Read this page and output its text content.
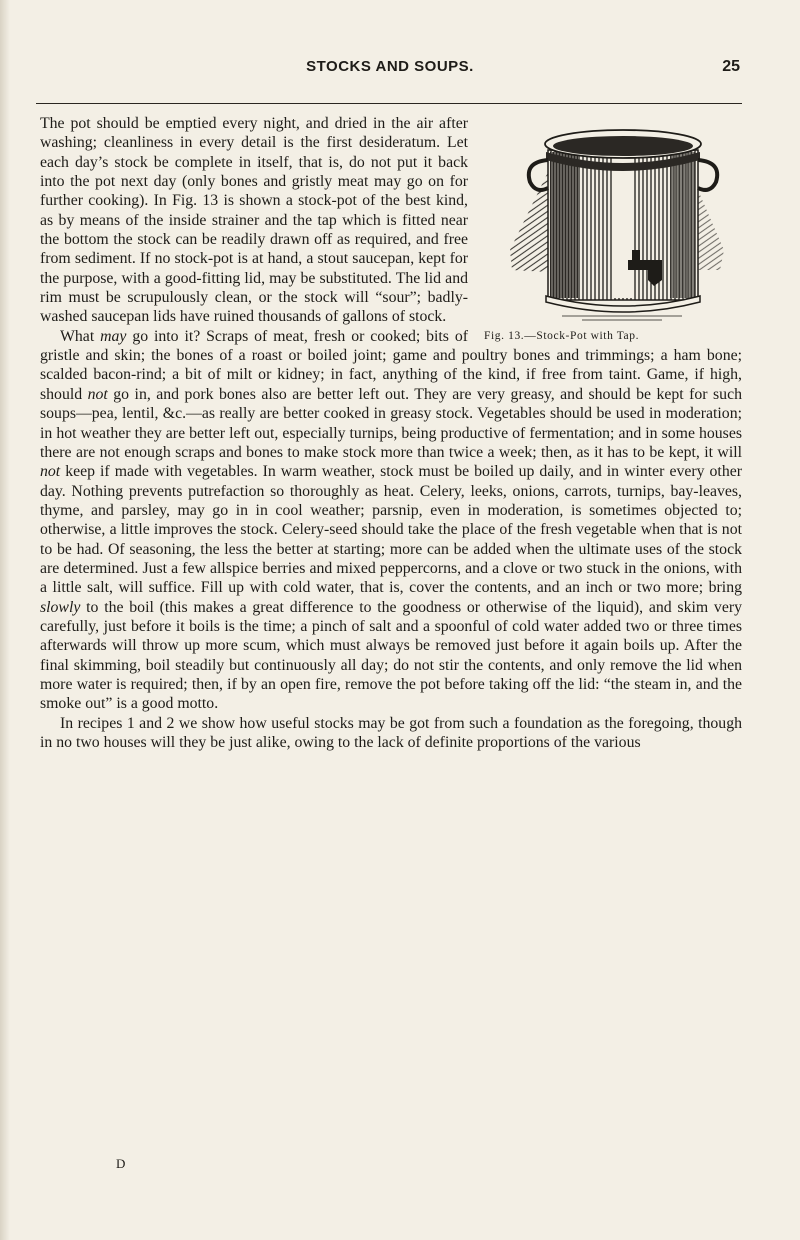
STOCKS AND SOUPS.	25
Fig. 13.—Stock-Pot with Tap.

The pot should be emptied every night, and dried in the air after washing; cleanliness in every detail is the first desideratum. Let each day’s stock be complete in itself, that is, do not put it back into the pot next day (only bones and gristly meat may go on for further cooking). In Fig. 13 is shown a stock-pot of the best kind, as by means of the inside strainer and the tap which is fitted near the bottom the stock can be readily drawn off as required, and free from sediment. If no stock-pot is at hand, a stout saucepan, kept for the purpose, with a good-fitting lid, may be substituted. The lid and rim must be scrupulously clean, or the stock will “sour”; badly-washed saucepan lids have ruined thousands of gallons of stock.

What may go into it? Scraps of meat, fresh or cooked; bits of gristle and skin; the bones of a roast or boiled joint; game and poultry bones and trimmings; a ham bone; scalded bacon-rind; a bit of milt or kidney; in fact, anything of the kind, if free from taint. Game, if high, should not go in, and pork bones also are better left out. They are very greasy, and should be kept for such soups—pea, lentil, &c.—as really are better cooked in greasy stock. Vegetables should be used in moderation; in hot weather they are better left out, especially turnips, being productive of fermentation; and in some houses there are not enough scraps and bones to make stock more than twice a week; then, as it has to be kept, it will not keep if made with vegetables. In warm weather, stock must be boiled up daily, and in winter every other day. Nothing prevents putrefaction so thoroughly as heat. Celery, leeks, onions, carrots, turnips, bay-leaves, thyme, and parsley, may go in in cool weather; parsnip, even in moderation, is sometimes objected to; otherwise, a little improves the stock. Celery-seed should take the place of the fresh vegetable when that is not to be had. Of seasoning, the less the better at starting; more can be added when the ultimate uses of the stock are determined. Just a few allspice berries and mixed peppercorns, and a clove or two stuck in the onions, with a little salt, will suffice. Fill up with cold water, that is, cover the contents, and an inch or two more; bring slowly to the boil (this makes a great difference to the goodness or otherwise of the liquid), and skim very carefully, just before it boils is the time; a pinch of salt and a spoonful of cold water added two or three times afterwards will throw up more scum, which must always be removed just before it again boils up. After the final skimming, boil steadily but continuously all day; do not stir the contents, and only remove the lid when more water is required; then, if by an open fire, remove the pot before taking off the lid: “the steam in, and the smoke out” is a good motto.

In recipes 1 and 2 we show how useful stocks may be got from such a foundation as the foregoing, though in no two houses will they be just alike, owing to the lack of definite proportions of the various

D
